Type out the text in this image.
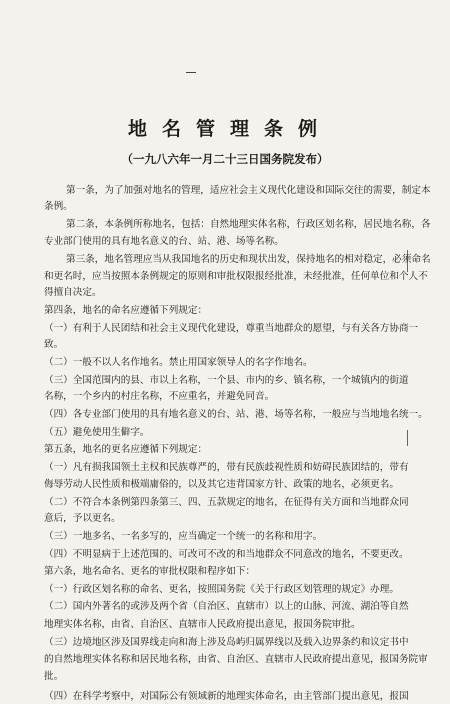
地名管理条例
（一九八六年一月二十三日国务院发布）
第一条，为了加强对地名的管理，适应社会主义现代化建设和国际交往的需要，制定本
条例。
第二条，本条例所称地名，包括：自然地理实体名称，行政区划名称，居民地名称，各
专业部门使用的具有地名意义的台、站、港、场等名称。
第三条，地名管理应当从我国地名的历史和现状出发，保持地名的相对稳定，必须命名
和更名时，应当按照本条例规定的原则和审批权限报经批准，未经批准，任何单位和个人不
得擅自决定。
第四条，地名的命名应遵循下列规定：
（一）有利于人民团结和社会主义现代化建设，尊重当地群众的愿望，与有关各方协商一
致。
（二）一般不以人名作地名。禁止用国家领导人的名字作地名。
（三）全国范围内的县、市以上名称，一个县、市内的乡、镇名称，一个城镇内的街道
名称，一个乡内的村庄名称，不应重名，并避免同音。
（四）各专业部门使用的具有地名意义的台、站、港、场等名称，一般应与当地地名统一。
（五）避免使用生僻字。
第五条，地名的更名应遵循下列规定：
（一）凡有损我国领土主权和民族尊严的，带有民族歧视性质和妨碍民族团结的，带有
侮辱劳动人民性质和极端庸俗的，以及其它违背国家方针、政策的地名，必须更名。
（二）不符合本条例第四条第三、四、五款规定的地名，在征得有关方面和当地群众同
意后，予以更名。
（三）一地多名、一名多写的，应当确定一个统一的名称和用字。
（四）不明显病于上述范围的、可改可不改的和当地群众不同意改的地名，不要更改。
第六条，地名命名、更名的审批权限和程序如下：
（一）行政区划名称的命名、更名，按照国务院《关于行政区划管理的规定》办理。
（二）国内外著名的或涉及两个省（自治区、直辖市）以上的山脉、河流、湖泊等自然
地理实体名称，由省、自治区、直辖市人民政府提出意见，报国务院审批。
（三）边境地区涉及国界线走向和海上涉及岛屿归属界线以及载入边界条约和议定书中
的自然地理实体名称和居民地名称，由省、自治区、直辖市人民政府提出意见，报国务院审
批。
（四）在科学考察中，对国际公有领域新的地理实体命名，由主管部门提出意见，报国
